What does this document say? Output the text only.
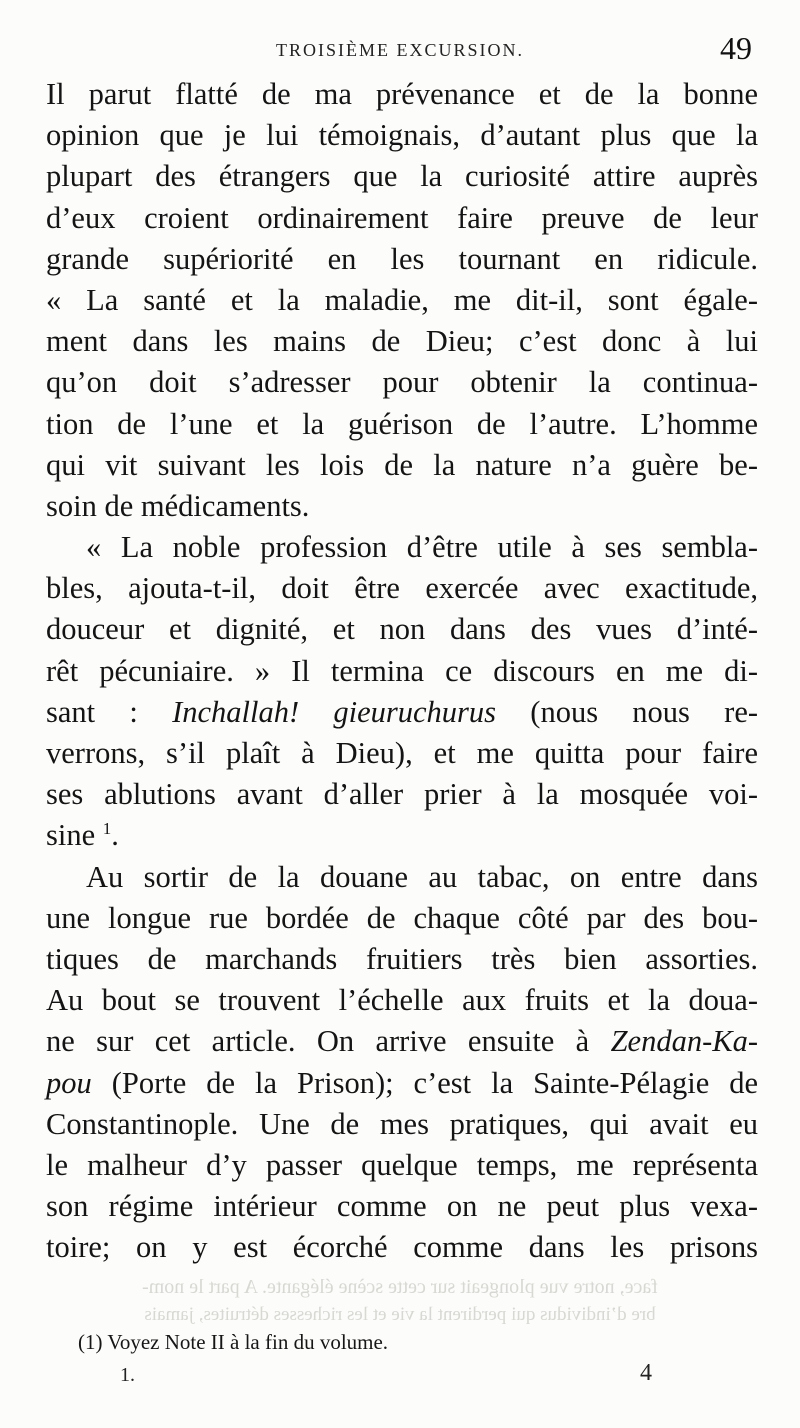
TROISIÈME EXCURSION.	49
Il parut flatté de ma prévenance et de la bonne
opinion que je lui témoignais, d’autant plus que la
plupart des étrangers que la curiosité attire auprès
d’eux croient ordinairement faire preuve de leur
grande supériorité en les tournant en ridicule.
« La santé et la maladie, me dit-il, sont égale-
ment dans les mains de Dieu; c’est donc à lui
qu’on doit s’adresser pour obtenir la continua-
tion de l’une et la guérison de l’autre. L’homme
qui vit suivant les lois de la nature n’a guère be-
soin de médicaments.
« La noble profession d’être utile à ses sembla-
bles, ajouta-t-il, doit être exercée avec exactitude,
douceur et dignité, et non dans des vues d’inté-
rêt pécuniaire. » Il termina ce discours en me di-
sant : Inchallah! gieuruchurus (nous nous re-
verrons, s’il plaît à Dieu), et me quitta pour faire
ses ablutions avant d’aller prier à la mosquée voi-
sine $^1$.
Au sortir de la douane au tabac, on entre dans
une longue rue bordée de chaque côté par des bou-
tiques de marchands fruitiers très bien assorties.
Au bout se trouvent l’échelle aux fruits et la doua-
ne sur cet article. On arrive ensuite à Zendan-Ka-
pou (Porte de la Prison); c’est la Sainte-Pélagie de
Constantinople. Une de mes pratiques, qui avait eu
le malheur d’y passer quelque temps, me représenta
son régime intérieur comme on ne peut plus vexa-
toire; on y est écorché comme dans les prisons
face, notre vue plongeait sur cette scène élégante. A part le nom-
bre d’individus qui perdirent la vie et les richesses détruites, jamais
(1) Voyez Note II à la fin du volume.
1.	4
